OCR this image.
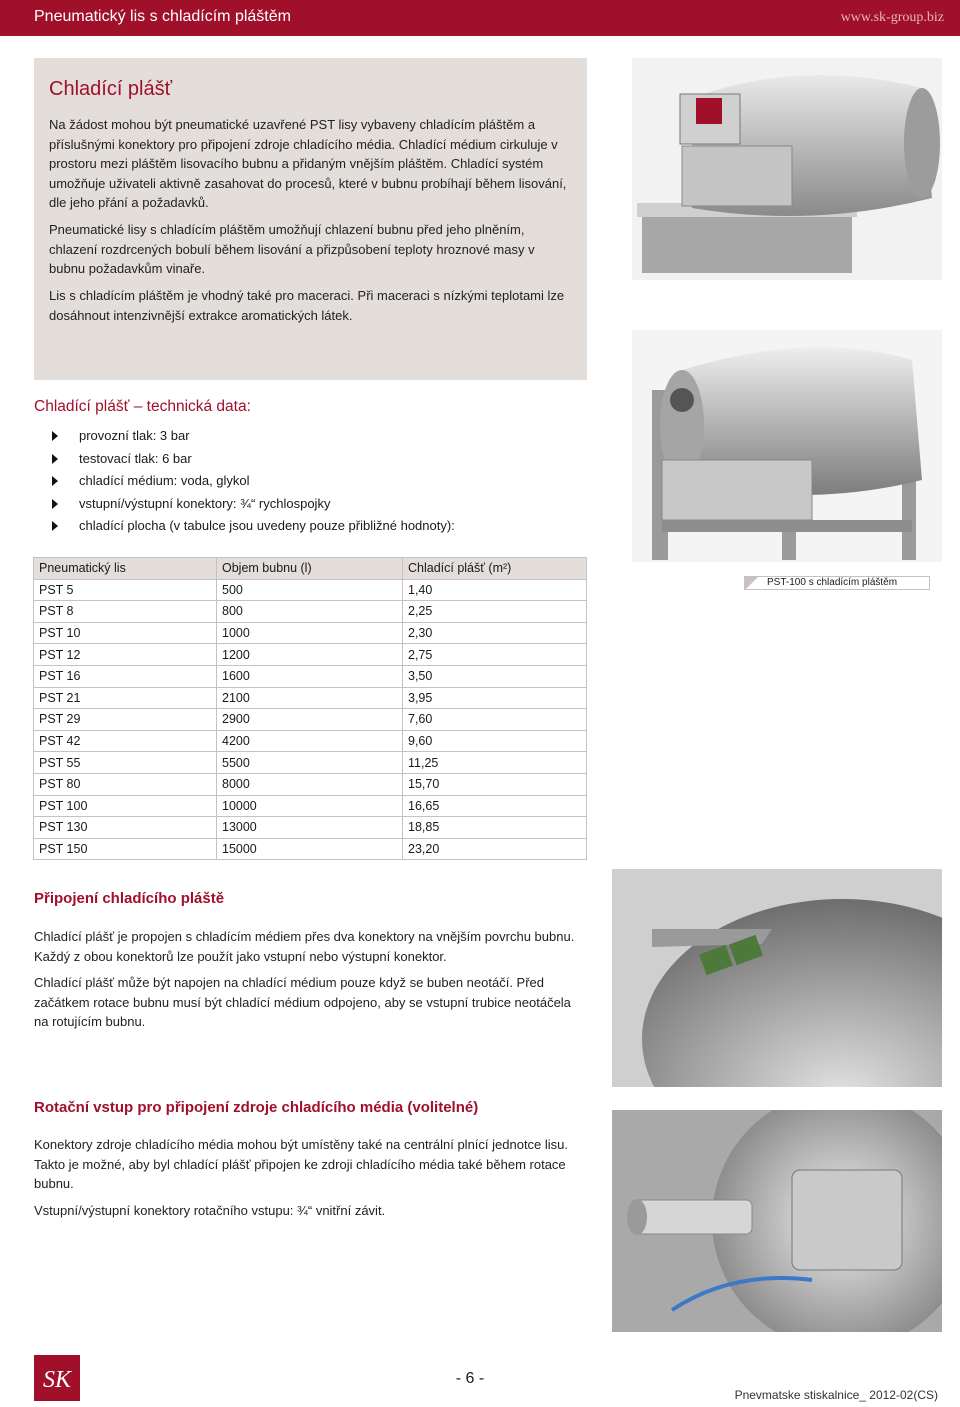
Pneumatický lis s chladícím pláštěm	www.sk-group.biz
Chladící plášť

Na žádost mohou být pneumatické uzavřené PST lisy vybaveny chladícím pláštěm a příslušnými konektory pro připojení zdroje chladícího média. Chladící médium cirkuluje v prostoru mezi pláštěm lisovacího bubnu a přidaným vnějším pláštěm. Chladící systém umožňuje uživateli aktivně zasahovat do procesů, které v bubnu probíhají během lisování, dle jeho přání a požadavků.

Pneumatické lisy s chladícím pláštěm umožňují chlazení bubnu před jeho plněním, chlazení rozdrcených bobulí během lisování a přizpůsobení teploty hroznové masy v bubnu požadavkům vinaře.

Lis s chladícím pláštěm je vhodný také pro maceraci. Při maceraci s nízkými teplotami lze dosáhnout intenzivnější extrakce aromatických látek.

Chladící plášť – technická data:
provozní tlak: 3 bar
testovací tlak: 6 bar
chladící médium: voda, glykol
vstupní/výstupní konektory: ¾“ rychlospojky
chladící plocha (v tabulce jsou uvedeny pouze přibližné hodnoty):
Pneumatický lis	Objem bubnu (l)	Chladící plášť (m²)
PST 5	500	1,40
PST 8	800	2,25
PST 10	1000	2,30
PST 12	1200	2,75
PST 16	1600	3,50
PST 21	2100	3,95
PST 29	2900	7,60
PST 42	4200	9,60
PST 55	5500	11,25
PST 80	8000	15,70
PST 100	10000	16,65
PST 130	13000	18,85
PST 150	15000	23,20
PST-100 s chladícím pláštěm
Připojení chladícího pláště

Chladící plášť je propojen s chladícím médiem přes dva konektory na vnějším povrchu bubnu. Každý z obou konektorů lze použít jako vstupní nebo výstupní konektor.

Chladící plášť může být napojen na chladící médium pouze když se buben neotáčí. Před začátkem rotace bubnu musí být chladící médium odpojeno, aby se vstupní trubice neotáčela na rotujícím bubnu.

Rotační vstup pro připojení zdroje chladícího média (volitelné)

Konektory zdroje chladícího média mohou být umístěny také na centrální plnící jednotce lisu. Takto je možné, aby byl chladící plášť připojen ke zdroji chladícího média také během rotace bubnu.

Vstupní/výstupní konektory rotačního vstupu: ¾“ vnitřní závit.

SK	- 6 -
Pnevmatske stiskalnice_ 2012-02(CS)
